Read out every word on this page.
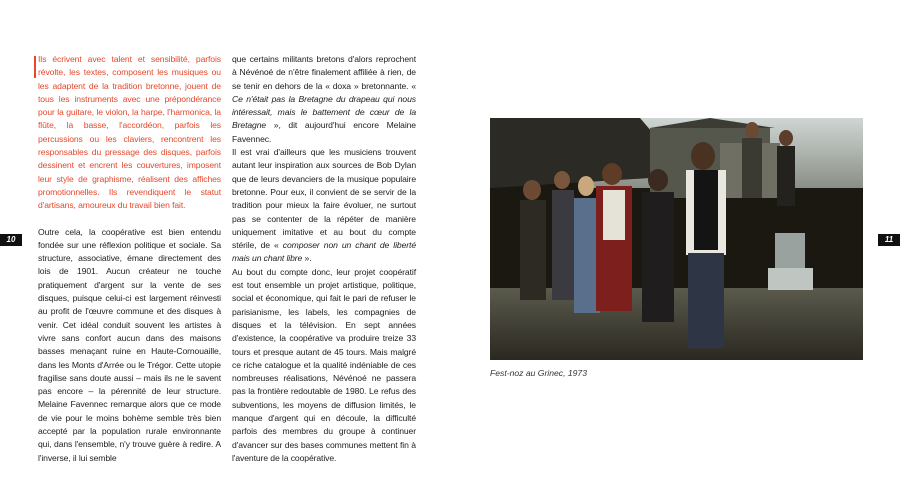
10	11

Ils écrivent avec talent et sensibilité, parfois révolte, les textes, composent les musiques ou les adaptent de la tradition bretonne, jouent de tous les instruments avec une prépondérance pour la guitare, le violon, la harpe, l'harmonica, la flûte, la basse, l'accordéon, parfois les percussions ou les claviers, rencontrent les responsables du pressage des disques, parfois dessinent et encrent les couvertures, imposent leur style de graphisme, réalisent des affiches promotionnelles. Ils revendiquent le statut d'artisans, amoureux du travail bien fait.

Outre cela, la coopérative est bien entendu fondée sur une réflexion politique et sociale. Sa structure, associative, émane directement des lois de 1901. Aucun créateur ne touche pratiquement d'argent sur la vente de ses disques, puisque celui-ci est largement réinvesti au profit de l'œuvre commune et des disques à venir. Cet idéal conduit souvent les artistes à vivre sans confort aucun dans des maisons basses menaçant ruine en Haute-Cornouaille, dans les Monts d'Arrée ou le Trégor. Cette utopie fragilise sans doute aussi – mais ils ne le savent pas encore – la pérennité de leur structure. Melaine Favennec remarque alors que ce mode de vie pour le moins bohème semble très bien accepté par la population rurale environnante qui, dans l'ensemble, n'y trouve guère à redire. A l'inverse, il lui semble

que certains militants bretons d'alors reprochent à Névénoé de n'être finalement affiliée à rien, de se tenir en dehors de la « doxa » bretonnante. « Ce n'était pas la Bretagne du drapeau qui nous intéressait, mais le battement de cœur de la Bretagne », dit aujourd'hui encore Melaine Favennec.

Il est vrai d'ailleurs que les musiciens trouvent autant leur inspiration aux sources de Bob Dylan que de leurs devanciers de la musique populaire bretonne. Pour eux, il convient de se servir de la tradition pour mieux la faire évoluer, ne surtout pas se contenter de la répéter de manière uniquement imitative et au bout du compte stérile, de « composer non un chant de liberté mais un chant libre ».

Au bout du compte donc, leur projet coopératif est tout ensemble un projet artistique, politique, social et économique, qui fait le pari de refuser le parisianisme, les labels, les compagnies de disques et la télévision. En sept années d'existence, la coopérative va produire treize 33 tours et presque autant de 45 tours. Mais malgré ce riche catalogue et la qualité indéniable de ces nombreuses réalisations, Névénoé ne passera pas la frontière redoutable de 1980. Le refus des subventions, les moyens de diffusion limités, le manque d'argent qui en découle, la difficulté parfois des membres du groupe à continuer d'avancer sur des bases communes mettent fin à l'aventure de la coopérative.

Fest-noz au Grinec, 1973
